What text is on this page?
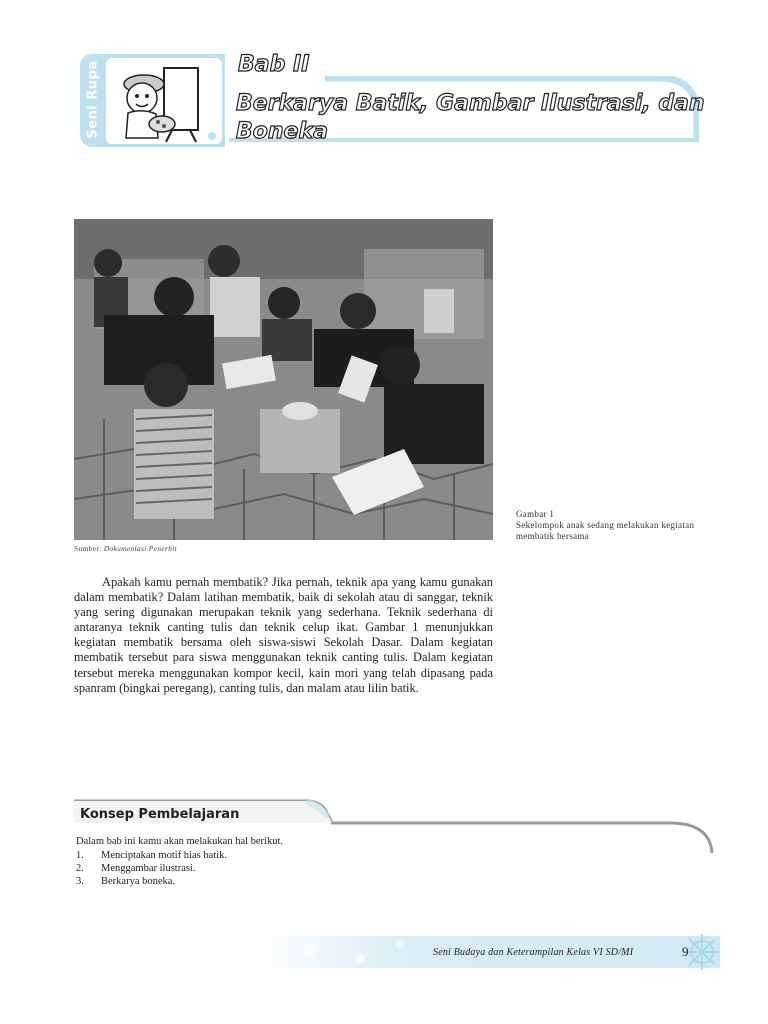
Seni Rupa	Bab II
Berkarya Batik, Gambar Ilustrasi, dan Boneka
Sumber: Dokumentasi Penerbit
Gambar 1
Sekelompok anak sedang melakukan kegiatan membatik bersama

Apakah kamu pernah membatik? Jika pernah, teknik apa yang kamu gunakan dalam membatik? Dalam latihan membatik, baik di sekolah atau di sanggar, teknik yang sering digunakan merupakan teknik yang sederhana. Teknik sederhana di antaranya teknik canting tulis dan teknik celup ikat. Gambar 1 menunjukkan kegiatan membatik bersama oleh siswa-siswi Sekolah Dasar. Dalam kegiatan membatik tersebut para siswa menggunakan teknik canting tulis. Dalam kegiatan tersebut mereka menggunakan kompor kecil, kain mori yang telah dipasang pada spanram (bingkai peregang), canting tulis, dan malam atau lilin batik.

Konsep Pembelajaran
Dalam bab ini kamu akan melakukan hal berikut.
1.	Menciptakan motif hias batik.
2.	Menggambar ilustrasi.
3.	Berkarya boneka.
Seni Budaya dan Keterampilan Kelas VI SD/MI	9
